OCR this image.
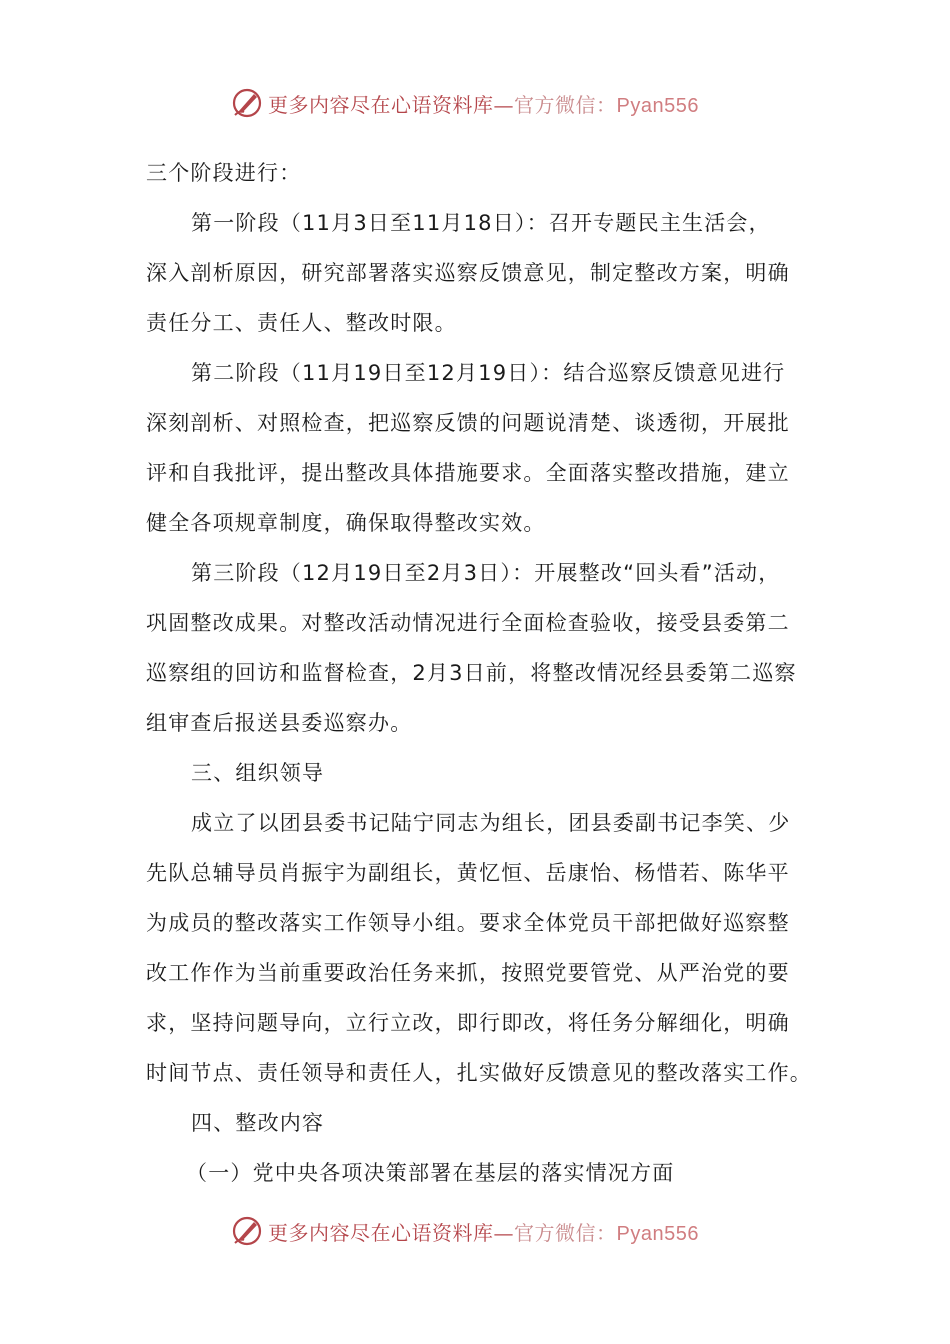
更多内容尽在心语资料库—官方微信：Pyan556
三个阶段进行：
第一阶段（11月3日至11月18日）：召开专题民主生活会，
深入剖析原因，研究部署落实巡察反馈意见，制定整改方案，明确
责任分工、责任人、整改时限。
第二阶段（11月19日至12月19日）：结合巡察反馈意见进行
深刻剖析、对照检查，把巡察反馈的问题说清楚、谈透彻，开展批
评和自我批评，提出整改具体措施要求。全面落实整改措施，建立
健全各项规章制度，确保取得整改实效。
第三阶段（12月19日至2月3日）：开展整改“回头看”活动，
巩固整改成果。对整改活动情况进行全面检查验收，接受县委第二
巡察组的回访和监督检查，2月3日前，将整改情况经县委第二巡察
组审查后报送县委巡察办。
三、组织领导
成立了以团县委书记陆宁同志为组长，团县委副书记李笑、少
先队总辅导员肖振宇为副组长，黄忆恒、岳康怡、杨惜若、陈华平
为成员的整改落实工作领导小组。要求全体党员干部把做好巡察整
改工作作为当前重要政治任务来抓，按照党要管党、从严治党的要
求，坚持问题导向，立行立改，即行即改，将任务分解细化，明确
时间节点、责任领导和责任人，扎实做好反馈意见的整改落实工作。
四、整改内容
（一）党中央各项决策部署在基层的落实情况方面
更多内容尽在心语资料库—官方微信：Pyan556
